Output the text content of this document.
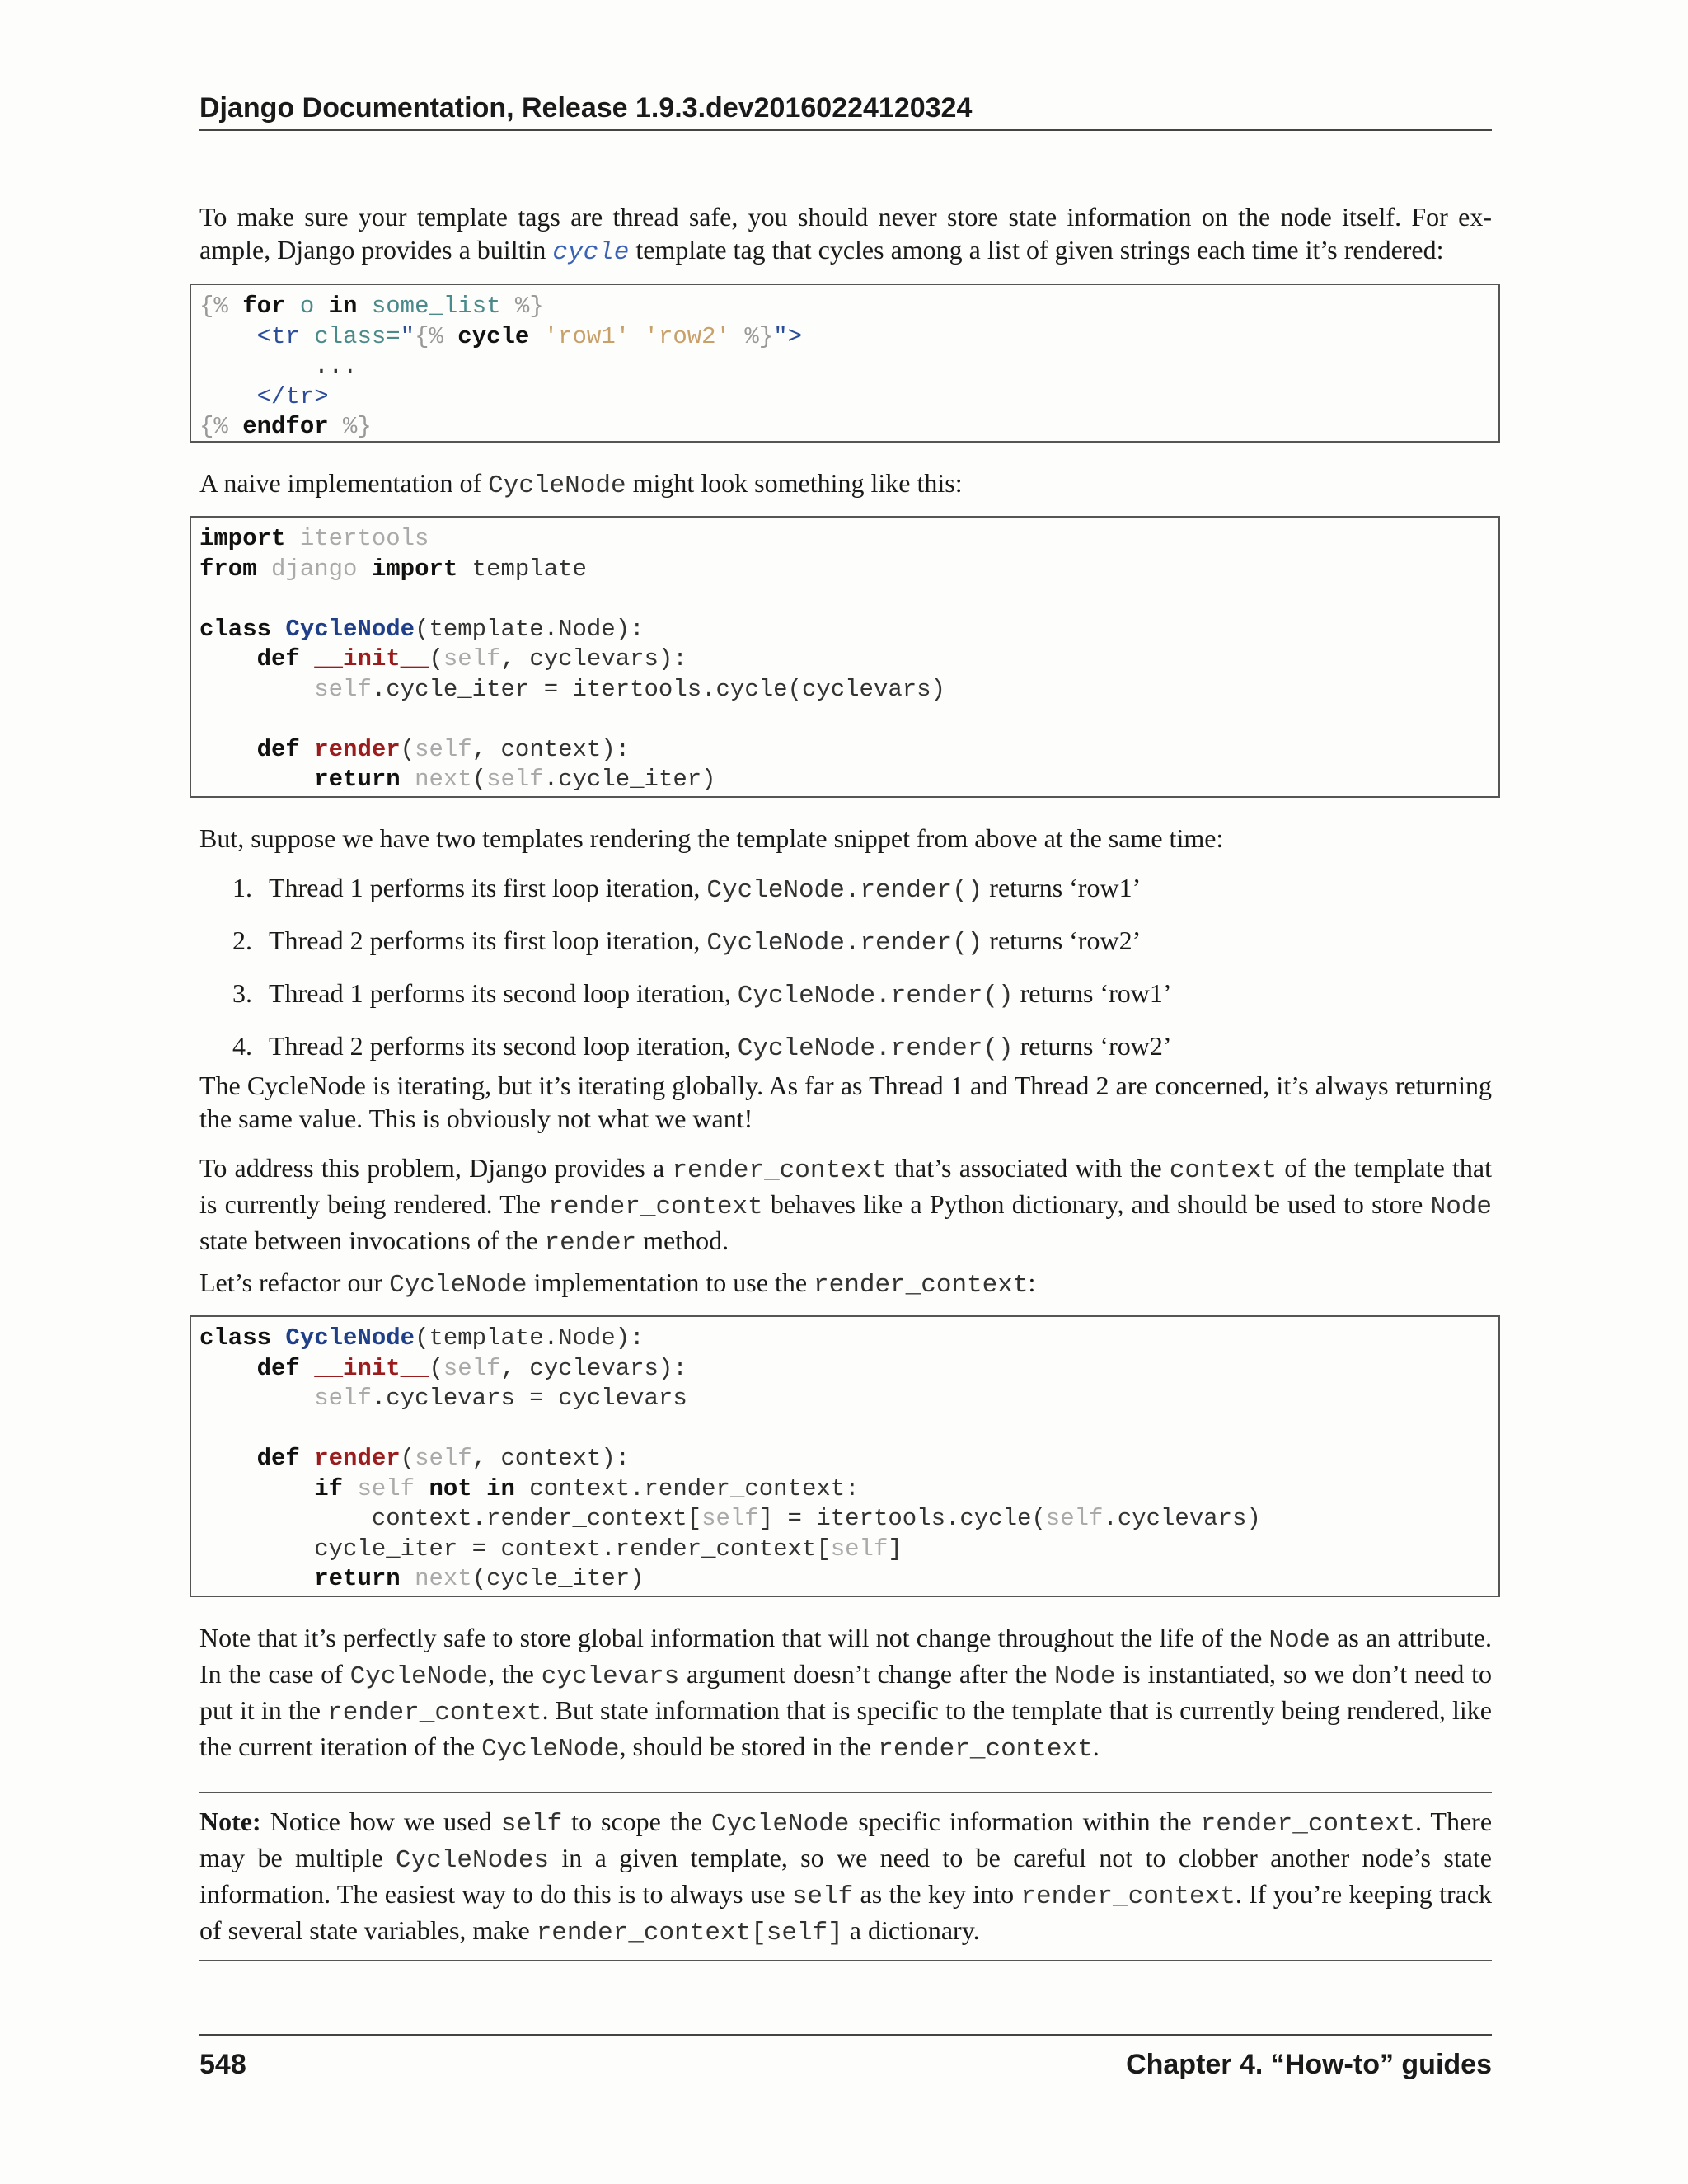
Django Documentation, Release 1.9.3.dev20160224120324

To make sure your template tags are thread safe, you should never store state information on the node itself. For ex- ample, Django provides a builtin cycle template tag that cycles among a list of given strings each time it’s rendered:

{% for o in some_list %}
<tr class="{% cycle 'row1' 'row2' %}">
...
</tr>
{% endfor %}

A naive implementation of CycleNode might look something like this:

import itertools
from django import template

class CycleNode(template.Node):
def __init__(self, cyclevars):
self.cycle_iter = itertools.cycle(cyclevars)

def render(self, context):
return next(self.cycle_iter)

But, suppose we have two templates rendering the template snippet from above at the same time:

1. Thread 1 performs its first loop iteration, CycleNode.render() returns ‘row1’
2. Thread 2 performs its first loop iteration, CycleNode.render() returns ‘row2’
3. Thread 1 performs its second loop iteration, CycleNode.render() returns ‘row1’
4. Thread 2 performs its second loop iteration, CycleNode.render() returns ‘row2’

The CycleNode is iterating, but it’s iterating globally. As far as Thread 1 and Thread 2 are concerned, it’s always returning the same value. This is obviously not what we want!

To address this problem, Django provides a render_context that’s associated with the context of the template that is currently being rendered. The render_context behaves like a Python dictionary, and should be used to store Node state between invocations of the render method.

Let’s refactor our CycleNode implementation to use the render_context:

class CycleNode(template.Node):
def __init__(self, cyclevars):
self.cyclevars = cyclevars

def render(self, context):
if self not in context.render_context:
context.render_context[self] = itertools.cycle(self.cyclevars)
cycle_iter = context.render_context[self]
return next(cycle_iter)

Note that it’s perfectly safe to store global information that will not change throughout the life of the Node as an attribute. In the case of CycleNode, the cyclevars argument doesn’t change after the Node is instantiated, so we don’t need to put it in the render_context. But state information that is specific to the template that is currently being rendered, like the current iteration of the CycleNode, should be stored in the render_context.

Note: Notice how we used self to scope the CycleNode specific information within the render_context. There may be multiple CycleNodes in a given template, so we need to be careful not to clobber another node’s state information. The easiest way to do this is to always use self as the key into render_context. If you’re keeping track of several state variables, make render_context[self] a dictionary.

548	Chapter 4. “How-to” guides
